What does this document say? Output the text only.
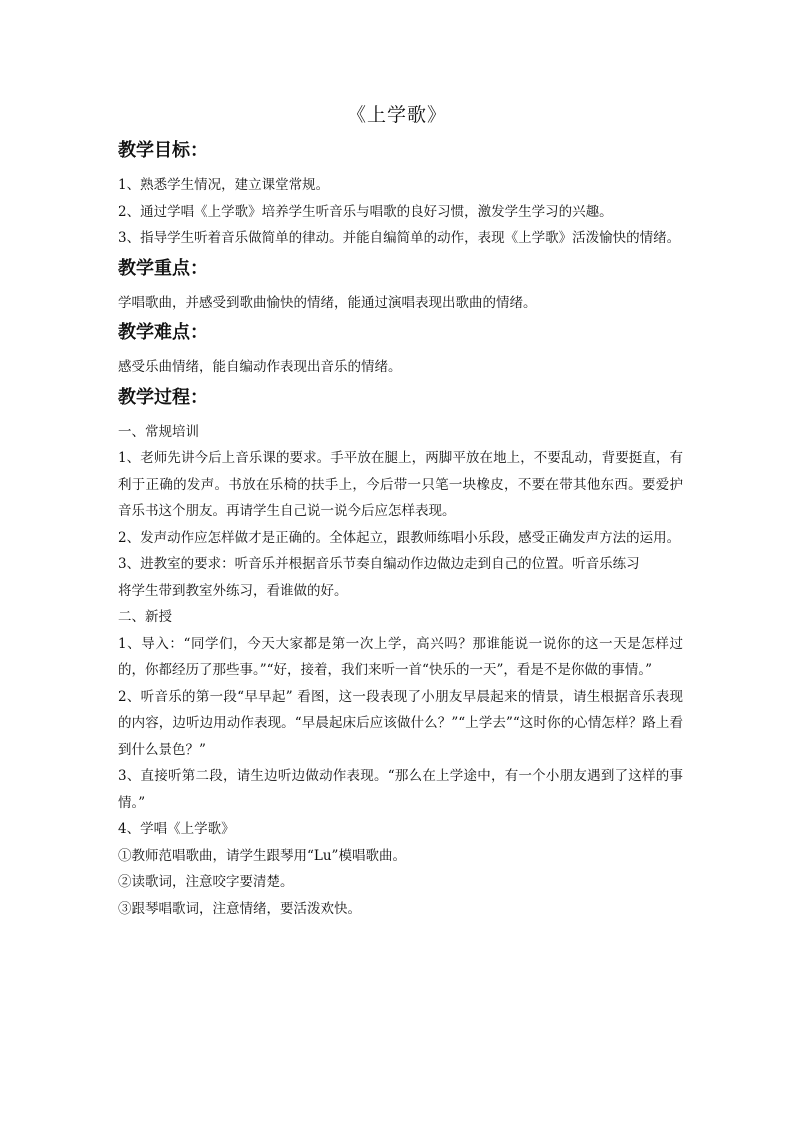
《上学歌》
教学目标：

1、熟悉学生情况，建立课堂常规。

2、通过学唱《上学歌》培养学生听音乐与唱歌的良好习惯，激发学生学习的兴趣。

3、指导学生听着音乐做简单的律动。并能自编简单的动作，表现《上学歌》活泼愉快的情绪。

教学重点：

学唱歌曲，并感受到歌曲愉快的情绪，能通过演唱表现出歌曲的情绪。

教学难点：

感受乐曲情绪，能自编动作表现出音乐的情绪。

教学过程：

一、常规培训

1、老师先讲今后上音乐课的要求。手平放在腿上，两脚平放在地上，不要乱动，背要挺直，有利于正确的发声。书放在乐椅的扶手上，今后带一只笔一块橡皮，不要在带其他东西。要爱护音乐书这个朋友。再请学生自己说一说今后应怎样表现。

2、发声动作应怎样做才是正确的。全体起立，跟教师练唱小乐段，感受正确发声方法的运用。

3、进教室的要求：听音乐并根据音乐节奏自编动作边做边走到自己的位置。听音乐练习

将学生带到教室外练习，看谁做的好。

二、新授

1、导入：“同学们，今天大家都是第一次上学，高兴吗？那谁能说一说你的这一天是怎样过的，你都经历了那些事。”“好，接着，我们来听一首“快乐的一天”，看是不是你做的事情。”

2、听音乐的第一段“早早起” 看图，这一段表现了小朋友早晨起来的情景，请生根据音乐表现的内容，边听边用动作表现。“早晨起床后应该做什么？”“上学去”“这时你的心情怎样？路上看到什么景色？”

3、直接听第二段，请生边听边做动作表现。“那么在上学途中，有一个小朋友遇到了这样的事情。”

4、学唱《上学歌》

①教师范唱歌曲，请学生跟琴用“Lu”模唱歌曲。

②读歌词，注意咬字要清楚。

③跟琴唱歌词，注意情绪，要活泼欢快。
